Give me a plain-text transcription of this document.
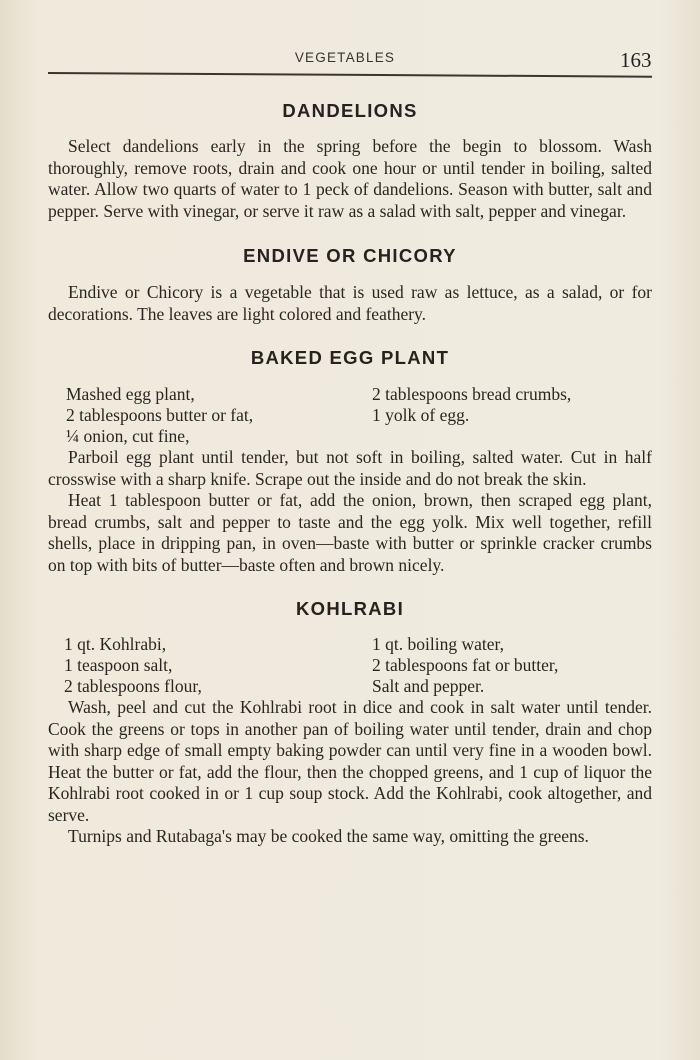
VEGETABLES	163
DANDELIONS

Select dandelions early in the spring before the begin to blossom. Wash thoroughly, remove roots, drain and cook one hour or until tender in boiling, salted water. Allow two quarts of water to 1 peck of dandelions. Season with butter, salt and pepper. Serve with vinegar, or serve it raw as a salad with salt, pepper and vinegar.

ENDIVE OR CHICORY

Endive or Chicory is a vegetable that is used raw as lettuce, as a salad, or for decorations. The leaves are light colored and feathery.

BAKED EGG PLANT
Mashed egg plant,
2 tablespoons butter or fat,
¼ onion, cut fine,
2 tablespoons bread crumbs,
1 yolk of egg.

Parboil egg plant until tender, but not soft in boiling, salted water. Cut in half crosswise with a sharp knife. Scrape out the inside and do not break the skin.

Heat 1 tablespoon butter or fat, add the onion, brown, then scraped egg plant, bread crumbs, salt and pepper to taste and the egg yolk. Mix well together, refill shells, place in dripping pan, in oven—baste with butter or sprinkle cracker crumbs on top with bits of butter—baste often and brown nicely.

KOHLRABI
1 qt. Kohlrabi,
1 teaspoon salt,
2 tablespoons flour,
1 qt. boiling water,
2 tablespoons fat or butter,
Salt and pepper.

Wash, peel and cut the Kohlrabi root in dice and cook in salt water until tender. Cook the greens or tops in another pan of boiling water until tender, drain and chop with sharp edge of small empty baking powder can until very fine in a wooden bowl. Heat the butter or fat, add the flour, then the chopped greens, and 1 cup of liquor the Kohlrabi root cooked in or 1 cup soup stock. Add the Kohlrabi, cook altogether, and serve.

Turnips and Rutabaga's may be cooked the same way, omitting the greens.
